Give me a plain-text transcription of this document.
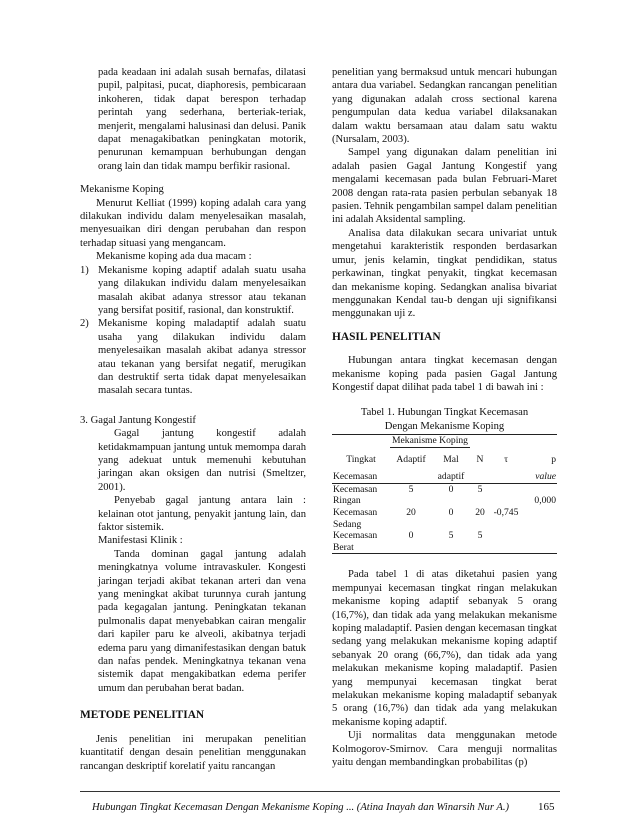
pada keadaan ini adalah susah bernafas, dilatasi pupil, palpitasi, pucat, diaphoresis, pembicaraan inkoheren, tidak dapat berespon terhadap perintah yang sederhana, berteriak-teriak, menjerit, mengalami halusinasi dan delusi. Panik dapat menagakibatkan peningkatan motorik, penurunan kemampuan berhubungan dengan orang lain dan tidak mampu berfikir rasional.

Mekanisme Koping

Menurut Kelliat (1999) koping adalah cara yang dilakukan individu dalam menyelesaikan masalah, menyesuaikan diri dengan perubahan dan respon terhadap situasi yang mengancam.

Mekanisme koping ada dua macam :

1) Mekanisme koping adaptif adalah suatu usaha yang dilakukan individu dalam menyelesaikan masalah akibat adanya stressor atau tekanan yang bersifat positif, rasional, dan konstruktif.
2) Mekanisme koping maladaptif adalah suatu usaha yang dilakukan individu dalam menyelesaikan masalah akibat adanya stressor atau tekanan yang bersifat negatif, merugikan dan destruktif serta tidak dapat menyelesaikan masalah secara tuntas.

3. Gagal Jantung Kongestif

Gagal jantung kongestif adalah ketidakmampuan jantung untuk memompa darah yang adekuat untuk memenuhi kebutuhan jaringan akan oksigen dan nutrisi (Smeltzer, 2001).

Penyebab gagal jantung antara lain : kelainan otot jantung, penyakit jantung lain, dan faktor sistemik.

Manifestasi Klinik :

Tanda dominan gagal jantung adalah meningkatnya volume intravaskuler. Kongesti jaringan terjadi akibat tekanan arteri dan vena yang meningkat akibat turunnya curah jantung pada kegagalan jantung. Peningkatan tekanan pulmonalis dapat menyebabkan cairan mengalir dari kapiler paru ke alveoli, akibatnya terjadi edema paru yang dimanifestasikan dengan batuk dan nafas pendek. Meningkatnya tekanan vena sistemik dapat mengakibatkan edema perifer umum dan perubahan berat badan.

METODE PENELITIAN

Jenis penelitian ini merupakan penelitian kuantitatif dengan desain penelitian menggunakan rancangan deskriptif korelatif yaitu rancangan

penelitian yang bermaksud untuk mencari hubungan antara dua variabel. Sedangkan rancangan penelitian yang digunakan adalah cross sectional karena pengumpulan data kedua variabel dilaksanakan dalam waktu bersamaan atau dalam satu waktu (Nursalam, 2003).

Sampel yang digunakan dalam penelitian ini adalah pasien Gagal Jantung Kongestif yang mengalami kecemasan pada bulan Februari-Maret 2008 dengan rata-rata pasien perbulan sebanyak 18 pasien. Tehnik pengambilan sampel dalam penelitian ini adalah Aksidental sampling.

Analisa data dilakukan secara univariat untuk mengetahui karakteristik responden berdasarkan umur, jenis kelamin, tingkat pendidikan, status perkawinan, tingkat penyakit, tingkat kecemasan dan mekanisme koping. Sedangkan analisa bivariat menggunakan Kendal tau-b dengan uji signifikansi menggunakan uji z.

HASIL PENELITIAN

Hubungan antara tingkat kecemasan dengan mekanisme koping pada pasien Gagal Jantung Kongestif dapat dilihat pada tabel 1 di bawah ini :

Tabel 1. Hubungan Tingkat Kecemasan
Dengan Mekanisme Koping
	Mekanisme Koping				
Tingkat	Adaptif	Mal	N	τ	p
Kecemasan		adaptif			value
Kecemasan	5	0	5		
Ringan					0,000
Kecemasan	20	0	20	-0,745	
Sedang					
Kecemasan	0	5	5		
Berat					

Pada tabel 1 di atas diketahui pasien yang mempunyai kecemasan tingkat ringan melakukan mekanisme koping adaptif sebanyak 5 orang (16,7%), dan tidak ada yang melakukan mekanisme koping maladaptif. Pasien dengan kecemasan tingkat sedang yang melakukan mekanisme koping adaptif sebanyak 20 orang (66,7%), dan tidak ada yang melakukan mekanisme koping maladaptif. Pasien yang mempunyai kecemasan tingkat berat melakukan mekanisme koping maladaptif sebanyak 5 orang (16,7%) dan tidak ada yang melakukan mekanisme koping adaptif.

Uji normalitas data menggunakan metode Kolmogorov-Smirnov. Cara menguji normalitas yaitu dengan membandingkan probabilitas (p)

Hubungan Tingkat Kecemasan Dengan Mekanisme Koping ... (Atina Inayah dan Winarsih Nur A.)	165
